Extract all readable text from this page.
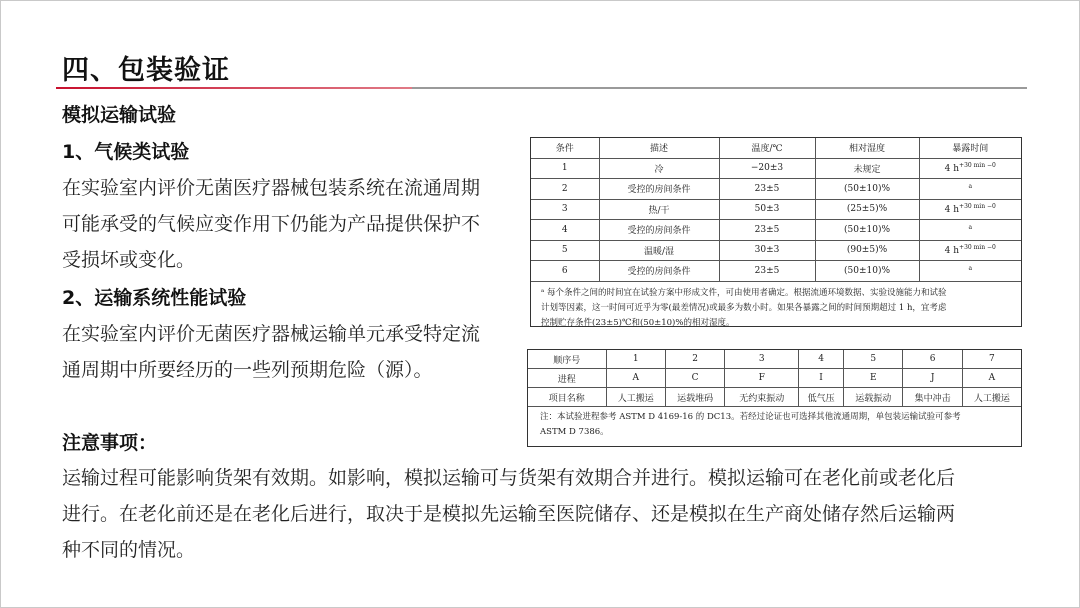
四、包装验证
模拟运输试验
1、气候类试验
在实验室内评价无菌医疗器械包装系统在流通周期
可能承受的气候应变作用下仍能为产品提供保护不
受损坏或变化。
2、运输系统性能试验
在实验室内评价无菌医疗器械运输单元承受特定流
通周期中所要经历的一些列预期危险（源）。
注意事项：
运输过程可能影响货架有效期。如影响，模拟运输可与货架有效期合并进行。模拟运输可在老化前或老化后
进行。在老化前还是在老化后进行，取决于是模拟先运输至医院储存、还是模拟在生产商处储存然后运输两
种不同的情况。
条件	描述	温度/℃	相对湿度	暴露时间
1	冷	−20±3	未规定	4 $h^{+30 min -0}$
2	受控的房间条件	23±5	(50±10)%	$^a$
3	热/干	50±3	(25±5)%	4 $h^{+30 min -0}$
4	受控的房间条件	23±5	(50±10)%	$^a$
5	温暖/湿	30±3	(90±5)%	4 $h^{+30 min -0}$
6	受控的房间条件	23±5	(50±10)%	$^a$

ᵃ 每个条件之间的时间宜在试验方案中形成文件，可由使用者确定。根据流通环境数据、实验设施能力和试验
计划等因素，这一时间可近乎为零(最差情况)或最多为数小时。如果各暴露之间的时间预期超过 1 h，宜考虑
控制贮存条件(23±5)℃和(50±10)%的相对湿度。				
顺序号	1	2	3	4	5	6	7
进程	A	C	F	I	E	J	A
项目名称	人工搬运	运载堆码	无约束振动	低气压	运载振动	集中冲击	人工搬运

注：本试验进程参考 ASTM D 4169-16 的 DC13。若经过论证也可选择其他流通周期，单包装运输试验可参考
ASTM D 7386。							
